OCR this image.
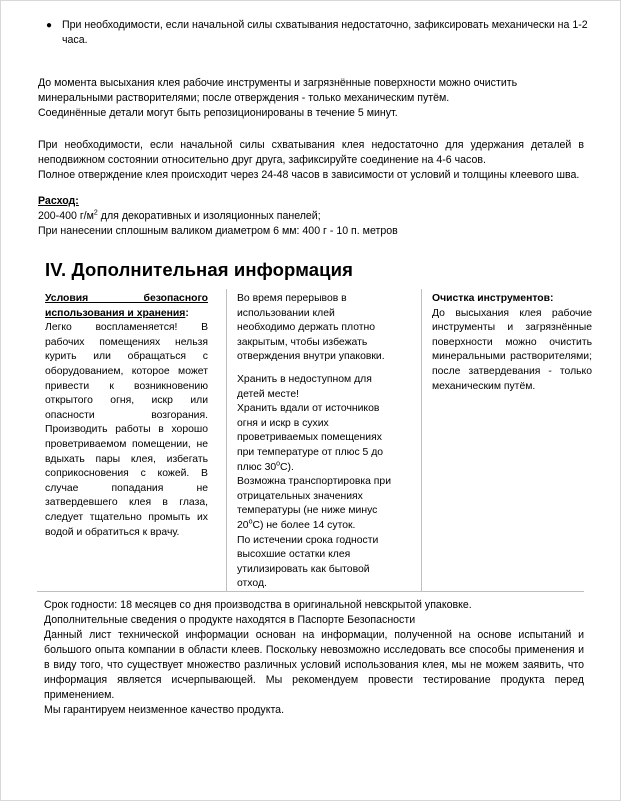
● При необходимости, если начальной силы схватывания недостаточно, зафиксировать механически на 1-2 часа.

До момента высыхания клея рабочие инструменты и загрязнённые поверхности можно очистить минеральными растворителями; после отверждения - только механическим путём.

Соединённые детали могут быть репозиционированы в течение 5 минут.

При необходимости, если начальной силы схватывания клея недостаточно для удержания деталей в неподвижном состоянии относительно друг друга, зафиксируйте соединение на 4-6 часов.

Полное отверждение клея происходит через 24-48 часов в зависимости от условий и толщины клеевого шва.

Расход:

200-400 $г/м^2$ для декоративных и изоляционных панелей;

При нанесении сплошным валиком диаметром 6 мм: 400 г - 10 п. метров

IV. Дополнительная информация

Условия безопасного использования и хранения:

Легко воспламеняется! В рабочих помещениях нельзя курить или обращаться с оборудованием, которое может привести к возникновению открытого огня, искр или опасности возгорания. Производить работы в хорошо проветриваемом помещении, не вдыхать пары клея, избегать соприкосновения с кожей. В случае попадания не затвердевшего клея в глаза, следует тщательно промыть их водой и обратиться к врачу.

Во время перерывов в использовании клей необходимо держать плотно закрытым, чтобы избежать отверждения внутри упаковки.

Хранить в недоступном для детей месте!

Хранить вдали от источников огня и искр в сухих проветриваемых помещениях при температуре от плюс 5 до плюс $30^оС$).

Возможна транспортировка при отрицательных значениях температуры (не ниже минус $20^оС$) не более 14 суток.

По истечении срока годности высохшие остатки клея утилизировать как бытовой отход.

Очистка инструментов:

До высыхания клея рабочие инструменты и загрязнённые поверхности можно очистить минеральными растворителями; после затвердевания - только механическим путём.

Срок годности: 18 месяцев со дня производства в оригинальной невскрытой упаковке.

Дополнительные сведения о продукте находятся в Паспорте Безопасности

Данный лист технической информации основан на информации, полученной на основе испытаний и большого опыта компании в области клеев. Поскольку невозможно исследовать все способы применения и в виду того, что существует множество различных условий использования клея, мы не можем заявить, что информация является исчерпывающей. Мы рекомендуем провести тестирование продукта перед применением.

Мы гарантируем неизменное качество продукта.
